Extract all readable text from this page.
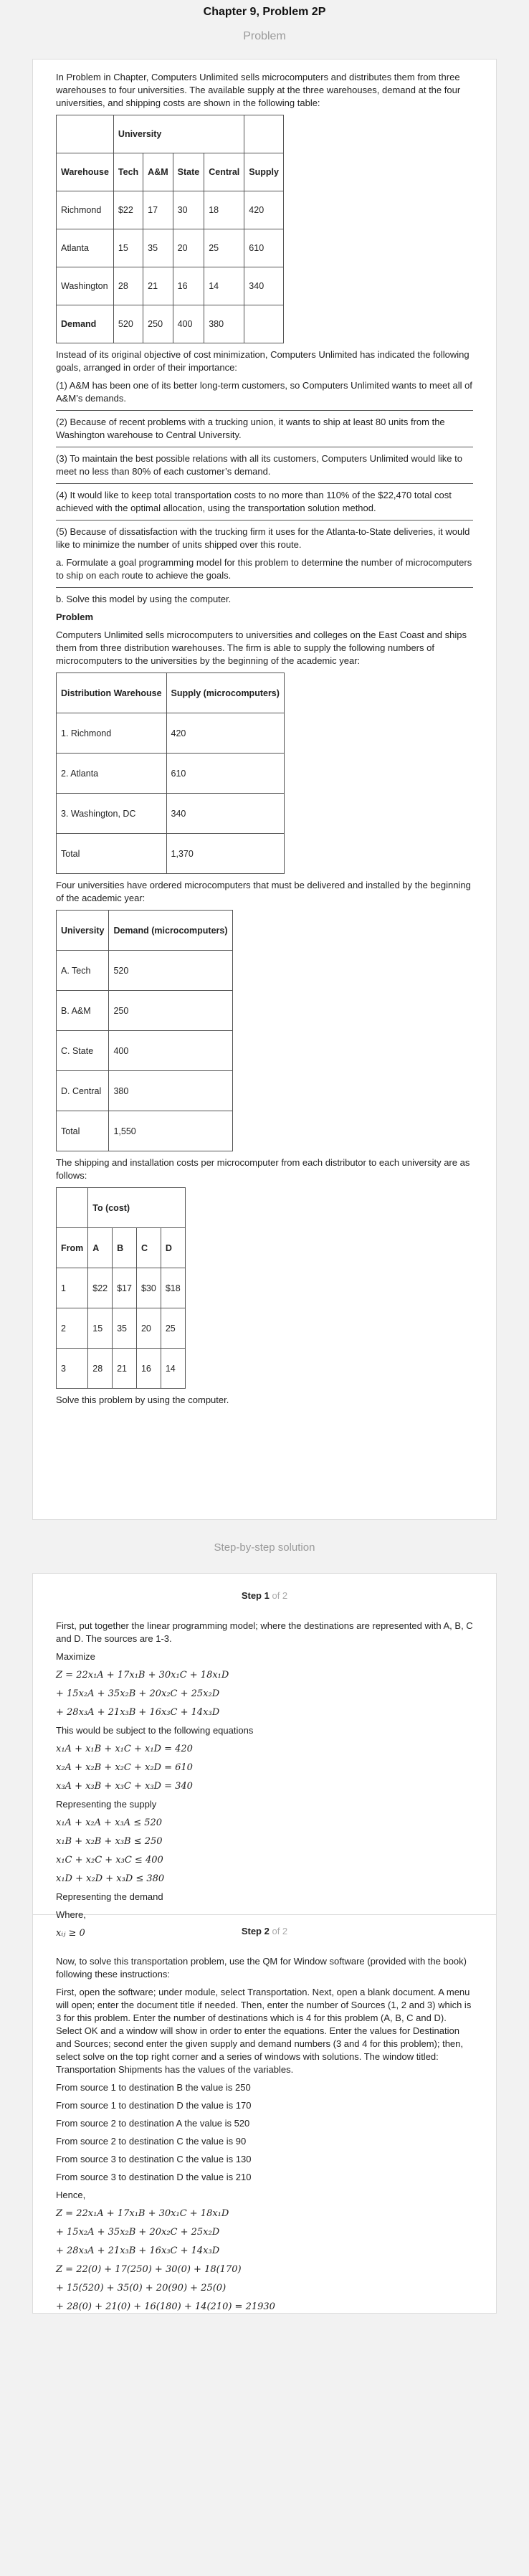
Chapter 9, Problem 2P
Problem

In Problem in Chapter, Computers Unlimited sells microcomputers and distributes them from three warehouses to four universities. The available supply at the three warehouses, demand at the four universities, and shipping costs are shown in the following table:

	University				
Warehouse	Tech	A&M	State	Central	Supply
Richmond	$22	17	30	18	420
Atlanta	15	35	20	25	610
Washington	28	21	16	14	340
Demand	520	250	400	380	

Instead of its original objective of cost minimization, Computers Unlimited has indicated the following goals, arranged in order of their importance:

(1) A&M has been one of its better long-term customers, so Computers Unlimited wants to meet all of A&M’s demands.

(2) Because of recent problems with a trucking union, it wants to ship at least 80 units from the Washington warehouse to Central University.

(3) To maintain the best possible relations with all its customers, Computers Unlimited would like to meet no less than 80% of each customer’s demand.

(4) It would like to keep total transportation costs to no more than 110% of the $22,470 total cost achieved with the optimal allocation, using the transportation solution method.

(5) Because of dissatisfaction with the trucking firm it uses for the Atlanta-to-State deliveries, it would like to minimize the number of units shipped over this route.

a. Formulate a goal programming model for this problem to determine the number of microcomputers to ship on each route to achieve the goals.

b. Solve this model by using the computer.

Problem

Computers Unlimited sells microcomputers to universities and colleges on the East Coast and ships them from three distribution warehouses. The firm is able to supply the following numbers of microcomputers to the universities by the beginning of the academic year:

Distribution Warehouse	Supply (microcomputers)
1. Richmond	420
2. Atlanta	610
3. Washington, DC	340
Total	1,370

Four universities have ordered microcomputers that must be delivered and installed by the beginning of the academic year:

University	Demand (microcomputers)
A. Tech	520
B. A&M	250
C. State	400
D. Central	380
Total	1,550

The shipping and installation costs per microcomputer from each distributor to each university are as follows:

	To (cost)			
From	A	B	C	D
1	$22	$17	$30	$18
2	15	35	20	25
3	28	21	16	14

Solve this problem by using the computer.

Step-by-step solution
Step 1 of 2

First, put together the linear programming model; where the destinations are represented with A, B, C and D. The sources are 1-3.

Maximize

Z = 22x₁A + 17x₁B + 30x₁C + 18x₁D

+ 15x₂A + 35x₂B + 20x₂C + 25x₂D

+ 28x₃A + 21x₃B + 16x₃C + 14x₃D

This would be subject to the following equations

x₁A + x₁B + x₁C + x₁D = 420

x₂A + x₂B + x₂C + x₂D = 610

x₃A + x₃B + x₃C + x₃D = 340

Representing the supply

x₁A + x₂A + x₃A ≤ 520

x₁B + x₂B + x₃B ≤ 250

x₁C + x₂C + x₃C ≤ 400

x₁D + x₂D + x₃D ≤ 380

Representing the demand

Where,

xᵢⱼ ≥ 0	Step 2 of 2

Now, to solve this transportation problem, use the QM for Window software (provided with the book) following these instructions:

First, open the software; under module, select Transportation. Next, open a blank document. A menu will open; enter the document title if needed. Then, enter the number of Sources (1, 2 and 3) which is 3 for this problem. Enter the number of destinations which is 4 for this problem (A, B, C and D). Select OK and a window will show in order to enter the equations. Enter the values for Destination and Sources; second enter the given supply and demand numbers (3 and 4 for this problem); then, select solve on the top right corner and a series of windows with solutions. The window titled: Transportation Shipments has the values of the variables.

From source 1 to destination B the value is 250

From source 1 to destination D the value is 170

From source 2 to destination A the value is 520

From source 2 to destination C the value is 90

From source 3 to destination C the value is 130

From source 3 to destination D the value is 210

Hence,

Z = 22x₁A + 17x₁B + 30x₁C + 18x₁D

+ 15x₂A + 35x₂B + 20x₂C + 25x₂D

+ 28x₃A + 21x₃B + 16x₃C + 14x₃D

Z = 22(0) + 17(250) + 30(0) + 18(170)

+ 15(520) + 35(0) + 20(90) + 25(0)

+ 28(0) + 21(0) + 16(180) + 14(210) = 21930
